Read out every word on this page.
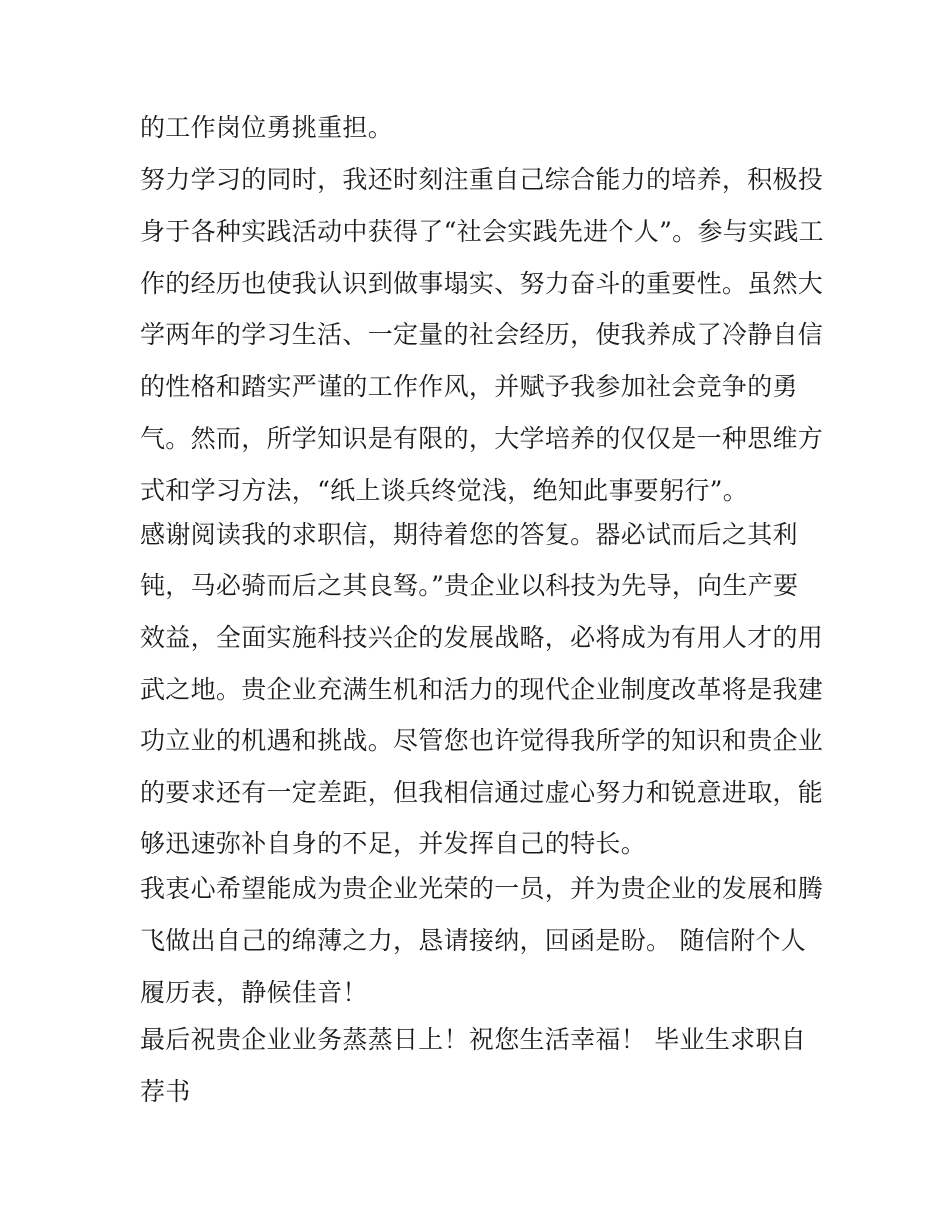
的工作岗位勇挑重担。
努力学习的同时，我还时刻注重自己综合能力的培养，积极投
身于各种实践活动中获得了“社会实践先进个人”。参与实践工
作的经历也使我认识到做事塌实、努力奋斗的重要性。虽然大
学两年的学习生活、一定量的社会经历，使我养成了冷静自信
的性格和踏实严谨的工作作风，并赋予我参加社会竞争的勇
气。然而，所学知识是有限的，大学培养的仅仅是一种思维方
式和学习方法，“纸上谈兵终觉浅，绝知此事要躬行”。
感谢阅读我的求职信，期待着您的答复。器必试而后之其利
钝，马必骑而后之其良驽。”贵企业以科技为先导，向生产要
效益，全面实施科技兴企的发展战略，必将成为有用人才的用
武之地。贵企业充满生机和活力的现代企业制度改革将是我建
功立业的机遇和挑战。尽管您也许觉得我所学的知识和贵企业
的要求还有一定差距，但我相信通过虚心努力和锐意进取，能
够迅速弥补自身的不足，并发挥自己的特长。
我衷心希望能成为贵企业光荣的一员，并为贵企业的发展和腾
飞做出自己的绵薄之力，恳请接纳，回函是盼。 随信附个人
履历表，静候佳音！
最后祝贵企业业务蒸蒸日上！祝您生活幸福！ 毕业生求职自
荐书
